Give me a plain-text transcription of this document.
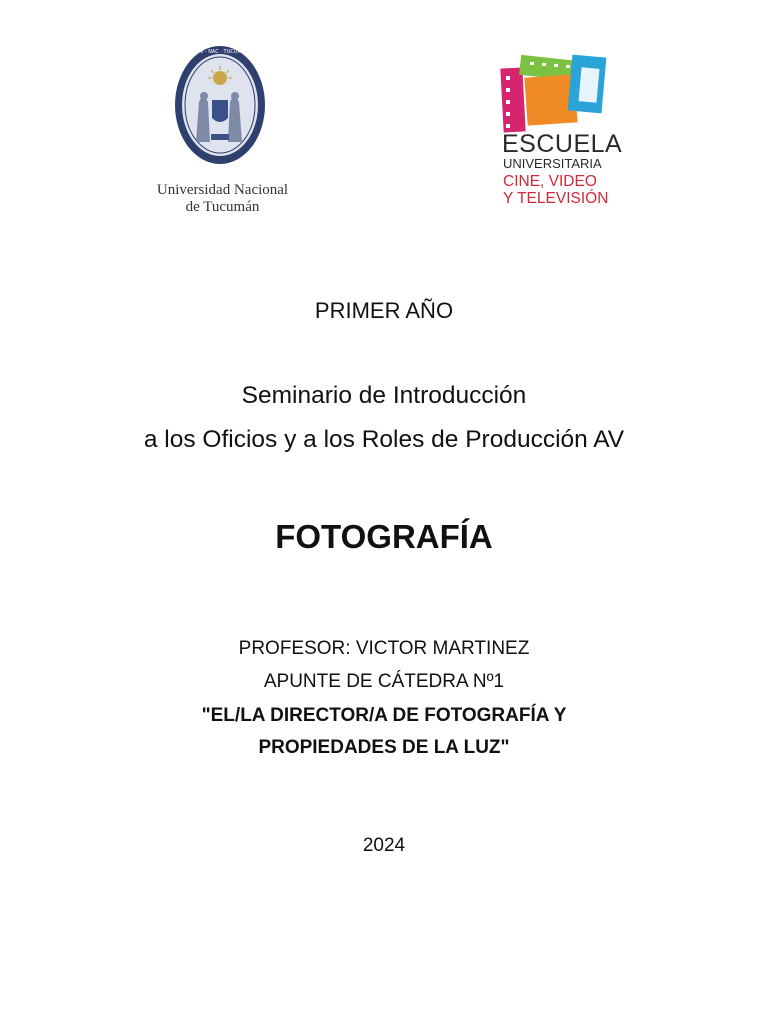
UNIV · NAC · TUCUMAN
Universidad Nacional
de Tucumán
ESCUELA
UNIVERSITARIA
CINE, VIDEO
Y TELEVISIÓN
PRIMER AÑO
Seminario de Introducción
a los Oficios y a los Roles de Producción AV
FOTOGRAFÍA
PROFESOR: VICTOR MARTINEZ
APUNTE DE CÁTEDRA Nº1
"EL/LA DIRECTOR/A DE FOTOGRAFÍA Y
PROPIEDADES DE LA LUZ"
2024
